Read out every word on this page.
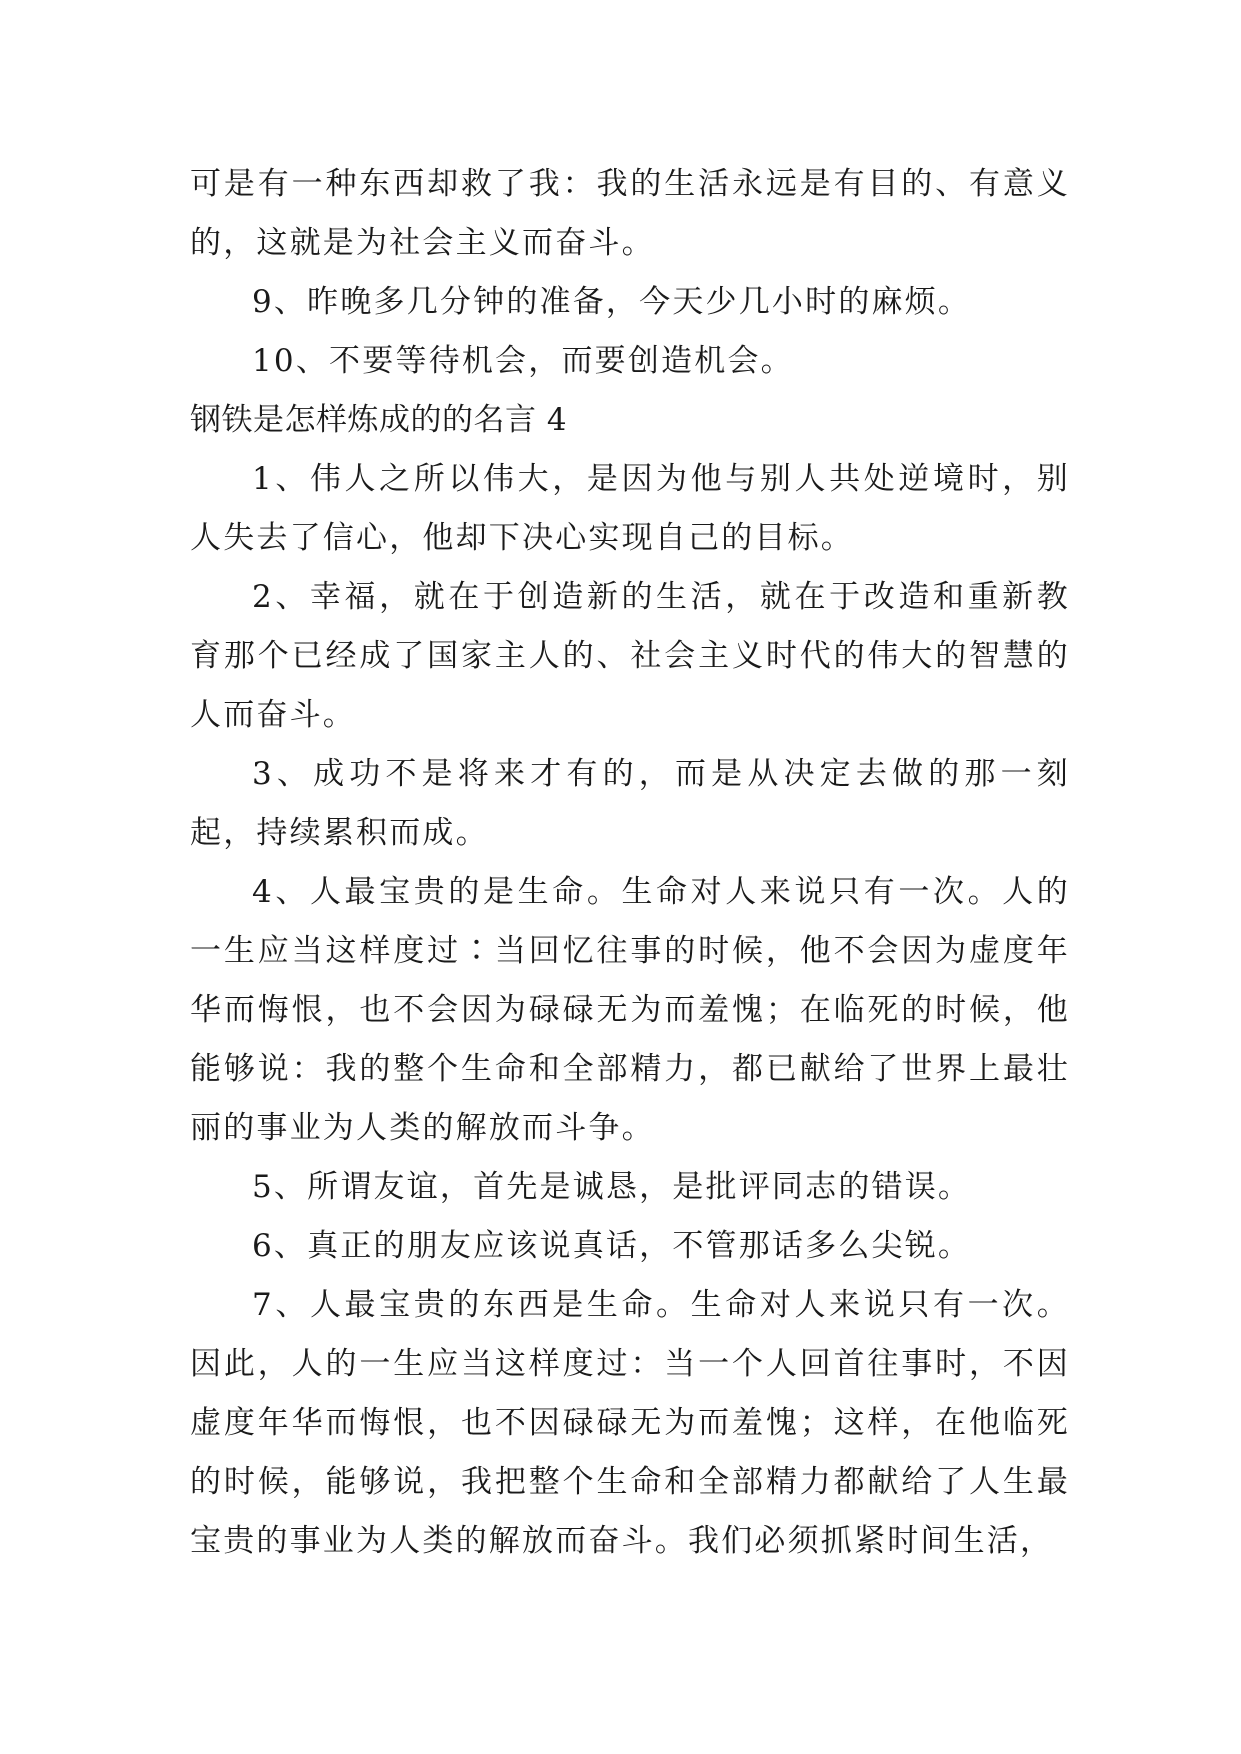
可是有一种东西却救了我：我的生活永远是有目的、有意义的，这就是为社会主义而奋斗。

9、昨晚多几分钟的准备，今天少几小时的麻烦。

10、不要等待机会，而要创造机会。

钢铁是怎样炼成的的名言 4

1、伟人之所以伟大，是因为他与别人共处逆境时，别人失去了信心，他却下决心实现自己的目标。

2、幸福，就在于创造新的生活，就在于改造和重新教育那个已经成了国家主人的、社会主义时代的伟大的智慧的人而奋斗。

3、成功不是将来才有的，而是从决定去做的那一刻起，持续累积而成。

4、人最宝贵的是生命。生命对人来说只有一次。人的一生应当这样度过∶当回忆往事的时候，他不会因为虚度年华而悔恨，也不会因为碌碌无为而羞愧；在临死的时候，他能够说：我的整个生命和全部精力，都已献给了世界上最壮丽的事业为人类的解放而斗争。

5、所谓友谊，首先是诚恳，是批评同志的错误。

6、真正的朋友应该说真话，不管那话多么尖锐。

7、人最宝贵的东西是生命。生命对人来说只有一次。因此，人的一生应当这样度过：当一个人回首往事时，不因虚度年华而悔恨，也不因碌碌无为而羞愧；这样，在他临死的时候，能够说，我把整个生命和全部精力都献给了人生最宝贵的事业为人类的解放而奋斗。我们必须抓紧时间生活，
